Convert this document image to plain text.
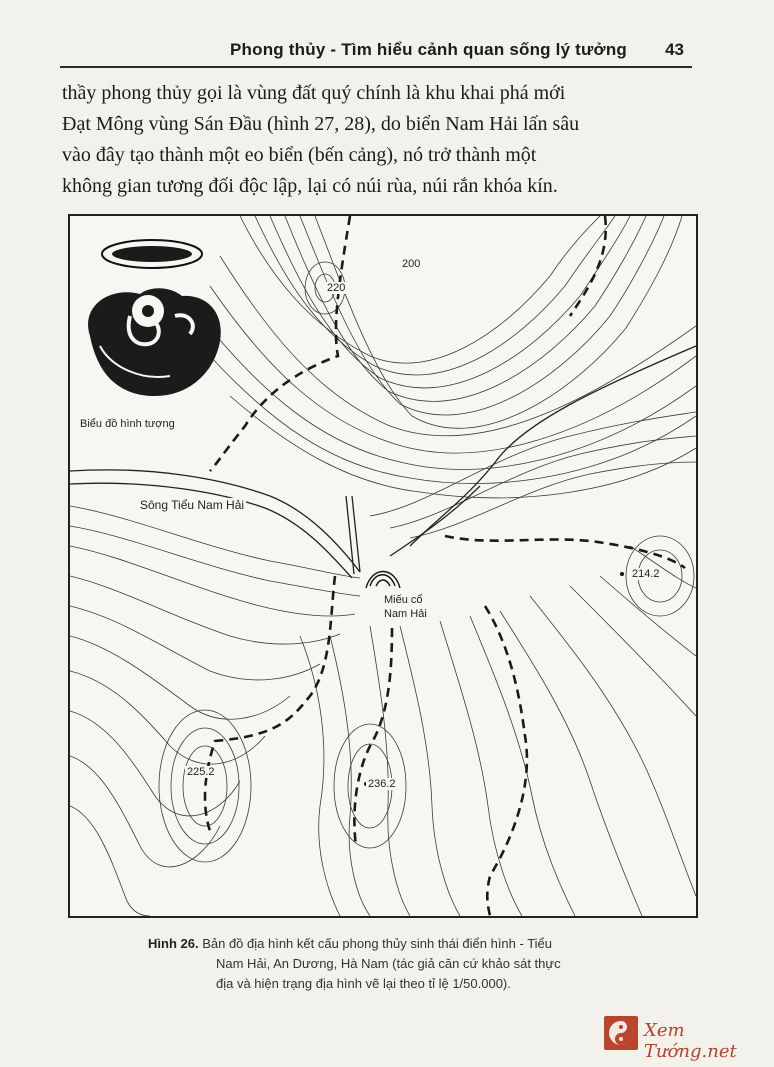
Phong thủy - Tìm hiểu cảnh quan sống lý tưởng 43

thầy phong thủy gọi là vùng đất quý chính là khu khai phá mới

Đạt Mông vùng Sán Đầu (hình 27, 28), do biển Nam Hải lấn sâu

vào đây tạo thành một eo biển (bến cảng), nó trở thành một

không gian tương đối độc lập, lại có núi rùa, núi rắn khóa kín.

Biểu đồ hình tượng
Sông Tiểu Nam Hải
Miếu cổ
Nam Hải
220
200
214.2
225.2
236.2

Hình 26. Bản đồ địa hình kết cấu phong thủy sinh thái điển hình - Tiểu

Nam Hải, An Dương, Hà Nam (tác giả căn cứ khảo sát thực

địa và hiện trạng địa hình vẽ lại theo tỉ lệ 1/50.000).

Xem Tướng.net
